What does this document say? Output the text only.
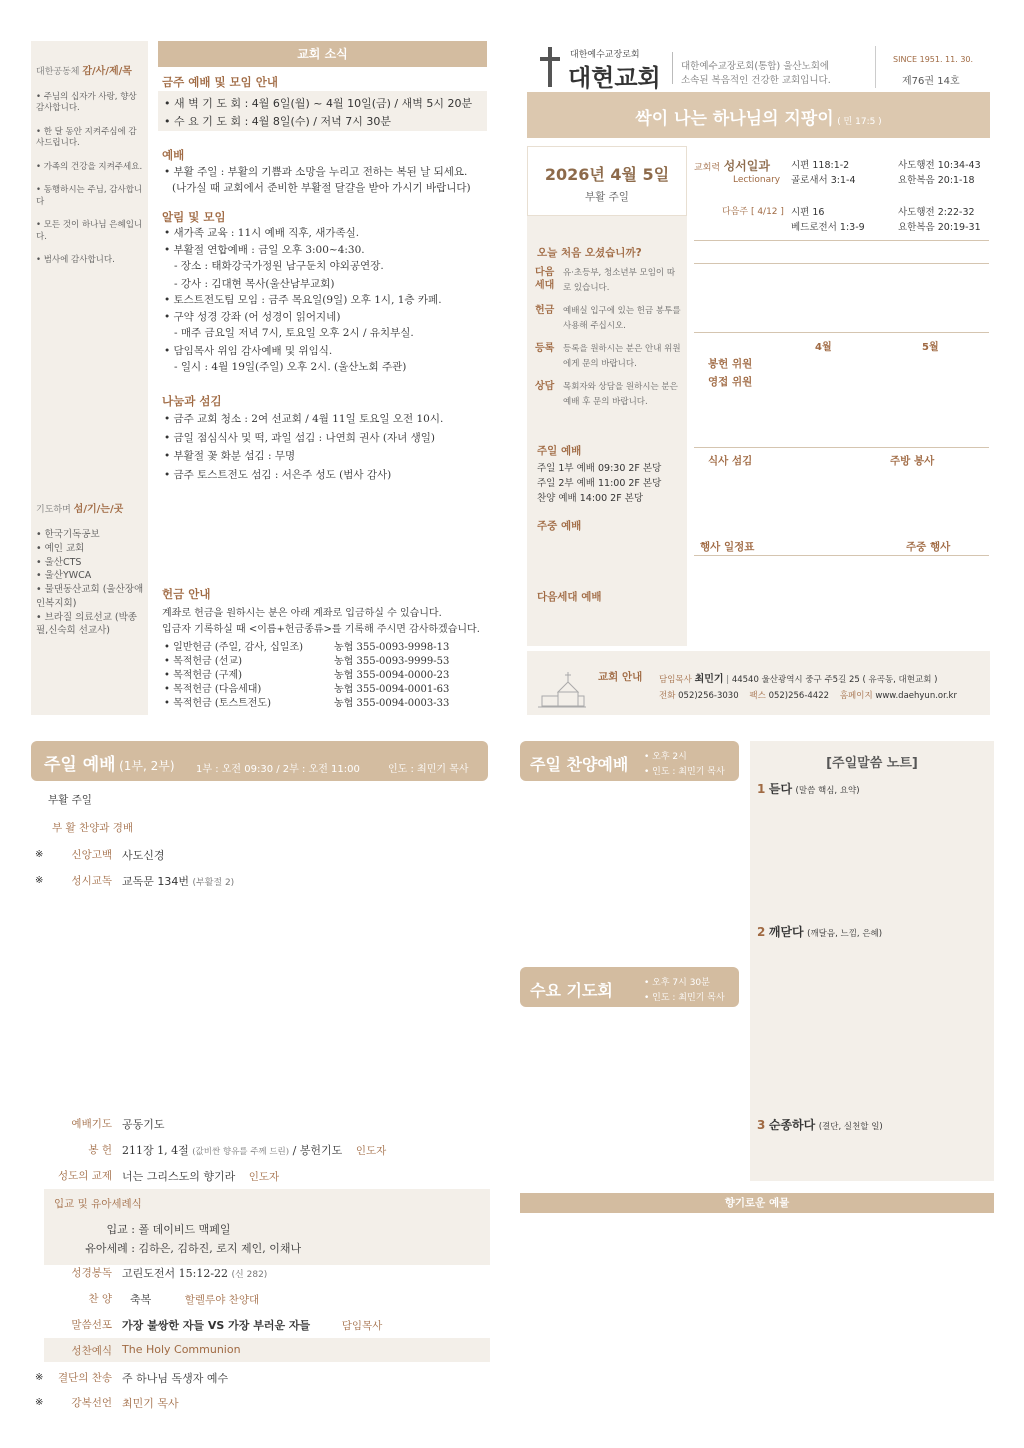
대한공동체 감/사/제/목
• 주님의 십자가 사랑, 향상 감사합니다.
• 한 달 동안 지켜주심에 감사드립니다.
• 가족의 건강을 지켜주세요.
• 동행하시는 주님, 감사합니다
• 모든 것이 하나님 은혜입니다.
• 범사에 감사합니다.
기도하며 섬/기/는/곳
• 한국기독공보
• 예인 교회
• 울산CTS
• 울산YWCA
• 물댄동산교회 (울산장애인복지회)
• 브라질 의료선교 (박종필,신숙희 선교사)
교회 소식
금주 예배 및 모임 안내

• 새 벽 기 도 회 : 4월 6일(월) ~ 4월 10일(금) / 새벽 5시 20분

• 수 요 기 도 회 : 4월 8일(수) / 저녁 7시 30분

예배

• 부활 주일 : 부활의 기쁨과 소망을 누리고 전하는 복된 날 되세요.

(나가실 때 교회에서 준비한 부활절 달걀을 받아 가시기 바랍니다)

알림 및 모임
• 새가족 교육 : 11시 예배 직후, 새가족실.
• 부활절 연합예배 : 금일 오후 3:00~4:30.
- 장소 : 태화강국가정원 남구둔치 야외공연장.
- 강사 : 김대현 목사(울산남부교회)
• 토스트전도팀 모임 : 금주 목요일(9일) 오후 1시, 1층 카페.
• 구약 성경 강좌 (어 성경이 읽어지네)
- 매주 금요일 저녁 7시, 토요일 오후 2시 / 유치부실.
• 담임목사 위임 감사예배 및 위임식.
- 일시 : 4월 19일(주일) 오후 2시. (울산노회 주관)
나눔과 섬김
• 금주 교회 청소 : 2여 선교회 / 4월 11일 토요일 오전 10시.
• 금일 점심식사 및 떡, 과일 섬김 : 나연희 권사 (자녀 생일)
• 부활절 꽃 화분 섬김 : 무명
• 금주 토스트전도 섬김 : 서은주 성도 (범사 감사)
헌금 안내

계좌로 헌금을 원하시는 분은 아래 계좌로 입금하실 수 있습니다.

입금자 기록하실 때 <이름+헌금종류>를 기록해 주시면 감사하겠습니다.

• 일반헌금 (주일, 감사, 십일조)	농협 355-0093-9998-13
• 목적헌금 (선교)	농협 355-0093-9999-53
• 목적헌금 (구제)	농협 355-0094-0000-23
• 목적헌금 (다음세대)	농협 355-0094-0001-63
• 목적헌금 (토스트전도)	농협 355-0094-0003-33
대한예수교장로회
대현교회 대한예수교장로회(통합) 울산노회에

소속된 복음적인 건강한 교회입니다.

SINCE 1951. 11. 30.
제76권 14호
싹이 나는 하나님의 지팡이 ( 민 17:5 )
2026년 4월 5일
부활 주일
오늘 처음 오셨습니까?
다음 세대
유·초등부, 청소년부 모임이 따로 있습니다.
헌금	예배실 입구에 있는 헌금 봉투를 사용해 주십시오.
등록	등록을 원하시는 분은 안내 위원에게 문의 바랍니다.
상담	목회자와 상담을 원하시는 분은 예배 후 문의 바랍니다.
주일 예배
주일 1부 예배 09:30 2F 본당
주일 2부 예배 11:00 2F 본당
찬양 예배 14:00 2F 본당
주중 예배
다음세대 예배
교회력 성서일과
Lectionary
시편 118:1-2	사도행전 10:34-43
골로새서 3:1-4	요한복음 20:1-18
다음주 [ 4/12 ] 시편 16	사도행전 2:22-32
베드로전서 1:3-9	요한복음 20:19-31
4월	5월
봉헌 위원
영접 위원
식사 섬김	주방 봉사
행사 일정표	주중 행사
교회 안내 담임목사 최민기 | 44540 울산광역시 중구 주5길 25 ( 유곡동, 대현교회 )
전화 052)256-3030 팩스 052)256-4422 홈페이지 www.daehyun.or.kr
주일 예배 (1부, 2부) 1부 : 오전 09:30 / 2부 : 오전 11:00	인도 : 최민기 목사
부활 주일
부 활 찬양과 경배
※	신앙고백 사도신경
※	성시교독 교독문 134번 (부활절 2)
예배기도 공동기도
봉 헌 211장 1, 4절 (값비싼 향유를 주께 드린) / 봉헌기도 인도자
성도의 교제 너는 그리스도의 향기라 인도자
입교 및 유아세례식
입교 : 폴 데이비드 맥페일
유아세례 : 김하은, 김하진, 로지 제인, 이채나
성경봉독 고린도전서 15:12-22 (신 282)
찬 양 축복	할렐루야 찬양대
말씀선포 가장 불쌍한 자들 VS 가장 부러운 자들	담임목사
성찬예식 The Holy Communion
※	결단의 찬송 주 하나님 독생자 예수
※	강복선언 최민기 목사
주일 찬양예배 • 오후 2시
• 인도 : 최민기 목사
수요 기도회	• 오후 7시 30분
• 인도 : 최민기 목사
[주일말씀 노트]
1 듣다 (말씀 핵심, 요약)
2 깨닫다 (깨달음, 느낌, 은혜)
3 순종하다 (결단, 실천할 일)
향기로운 예물
